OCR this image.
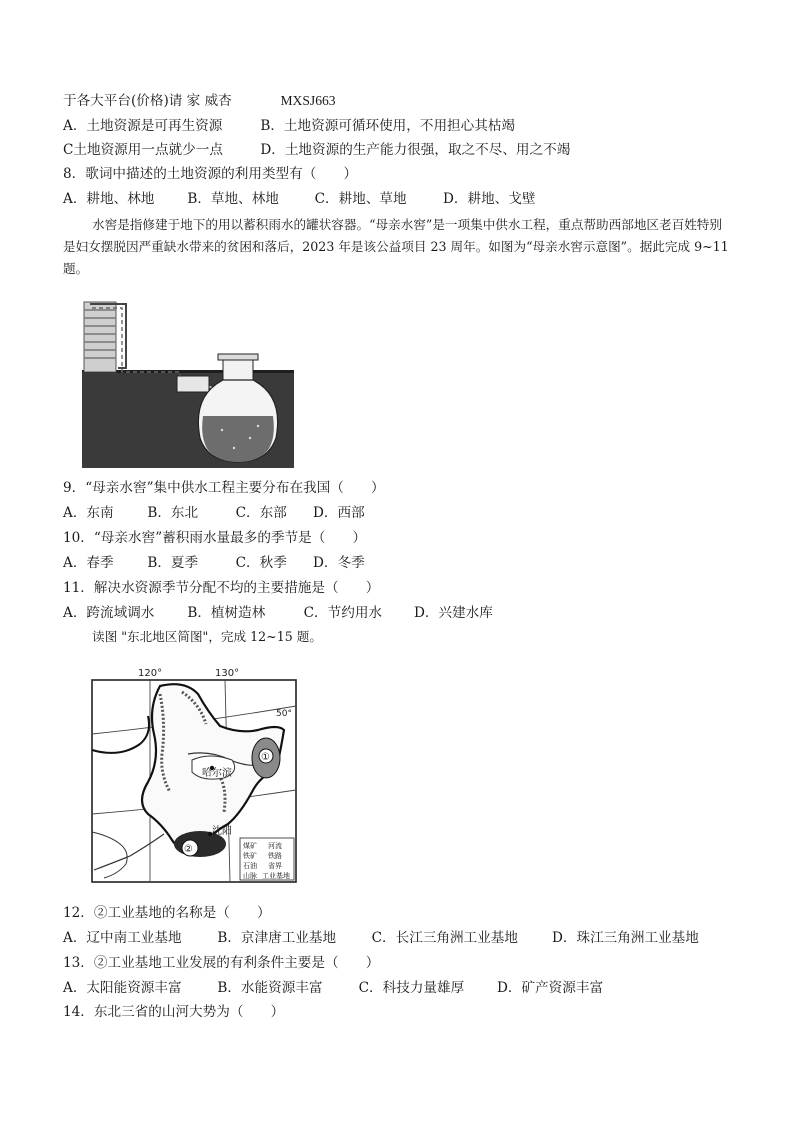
于各大平台(价格)请 家 威杏	MXSJ663
A．土地资源是可再生资源	B．土地资源可循环使用，不用担心其枯竭
C土地资源用一点就少一点	D．土地资源的生产能力很强，取之不尽、用之不竭
8．歌词中描述的土地资源的利用类型有（　　）
A．耕地、林地 B．草地、林地	C．耕地、草地	D．耕地、戈壁

水窖是指修建于地下的用以蓄积雨水的罐状容器。“母亲水窖”是一项集中供水工程，重点帮助西部地区老百姓特别是妇女摆脱因严重缺水带来的贫困和落后，2023 年是该公益项目 23 周年。如图为“母亲水窖示意图”。据此完成 9~11 题。

9．“母亲水窖”集中供水工程主要分布在我国（　　）
A．东南 B．东北	C．东部 D．西部
10．“母亲水窖”蓄积雨水量最多的季节是（　　）
A．春季 B．夏季	C．秋季 D．冬季
11．解决水资源季节分配不均的主要措施是（　　）
A．跨流域调水 B．植树造林	C．节约用水 D．兴建水库
读图 "东北地区简图"，完成 12~15 题。
120°	130°
50°
哈尔滨
①
②
沈阳
煤矿 河流
铁矿 铁路
石油 省界
山脉 工业基地
12．②工业基地的名称是（　　）
A．辽中南工业基地	B．京津唐工业基地	C．长江三角洲工业基地 D．珠江三角洲工业基地
13．②工业基地工业发展的有利条件主要是（　　）
A．太阳能资源丰富	B．水能资源丰富	C．科技力量雄厚 D．矿产资源丰富
14．东北三省的山河大势为（　　）
